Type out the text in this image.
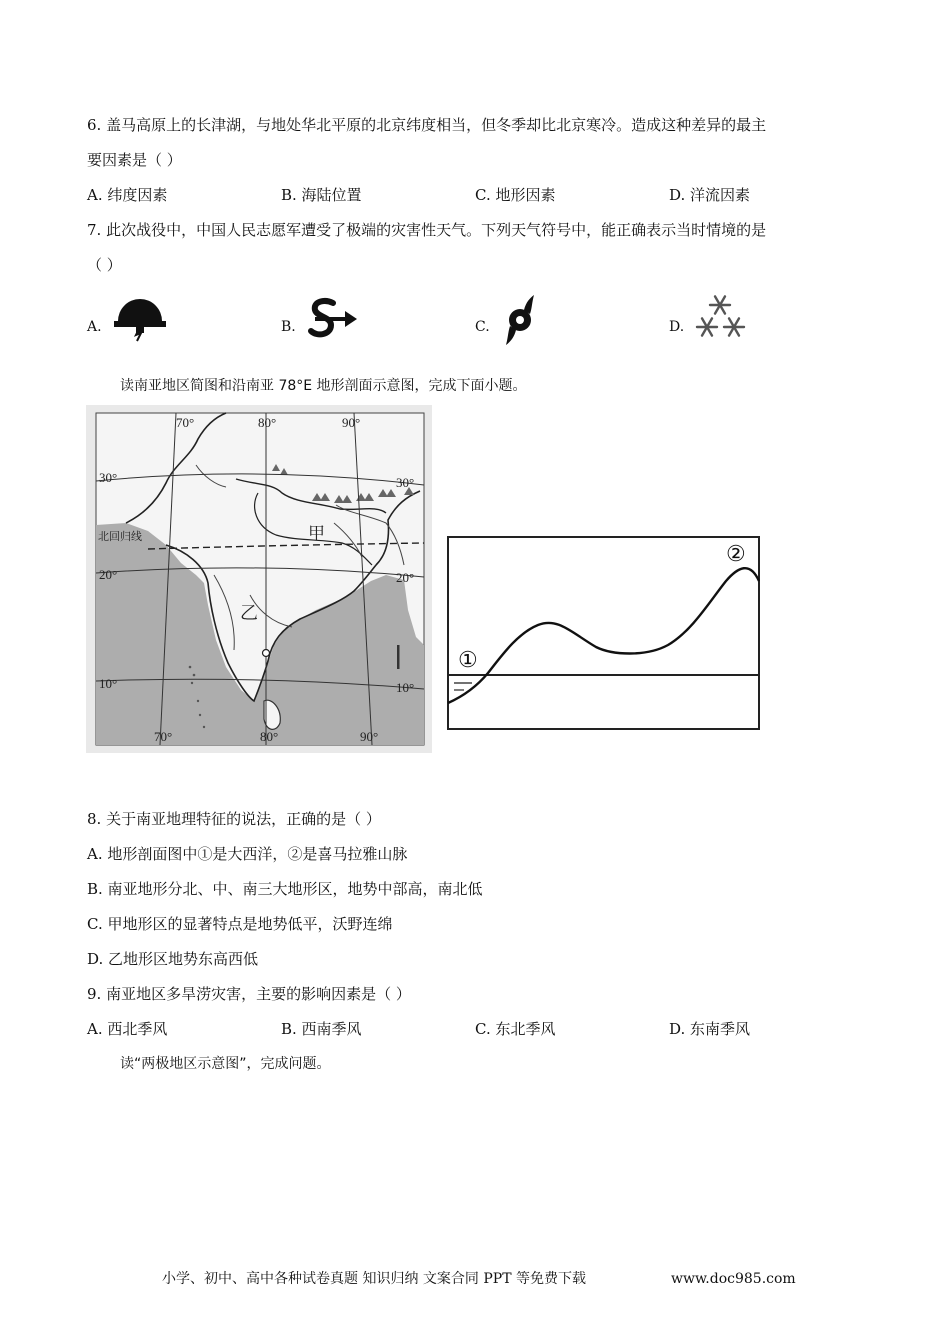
6. 盖马高原上的长津湖，与地处华北平原的北京纬度相当，但冬季却比北京寒冷。造成这种差异的最主
要因素是（ ）
A. 纬度因素	B. 海陆位置	C. 地形因素	D. 洋流因素
7. 此次战役中，中国人民志愿军遭受了极端的灾害性天气。下列天气符号中，能正确表示当时情境的是
（ ）
A.	B.	C.	D.
读南亚地区简图和沿南亚 78°E 地形剖面示意图，完成下面小题。
70°	80°	90°
70°	80°	90°
30°
20°
10°
30°
20°
10°
北回归线	甲
乙
①
②
8. 关于南亚地理特征的说法，正确的是（ ）
A. 地形剖面图中①是大西洋，②是喜马拉雅山脉
B. 南亚地形分北、中、南三大地形区，地势中部高，南北低
C. 甲地形区的显著特点是地势低平，沃野连绵
D. 乙地形区地势东高西低
9. 南亚地区多旱涝灾害，主要的影响因素是（ ）
A. 西北季风	B. 西南季风	C. 东北季风	D. 东南季风
读“两极地区示意图”，完成问题。
小学、初中、高中各种试卷真题 知识归纳 文案合同 PPT 等免费下载	www.doc985.com
